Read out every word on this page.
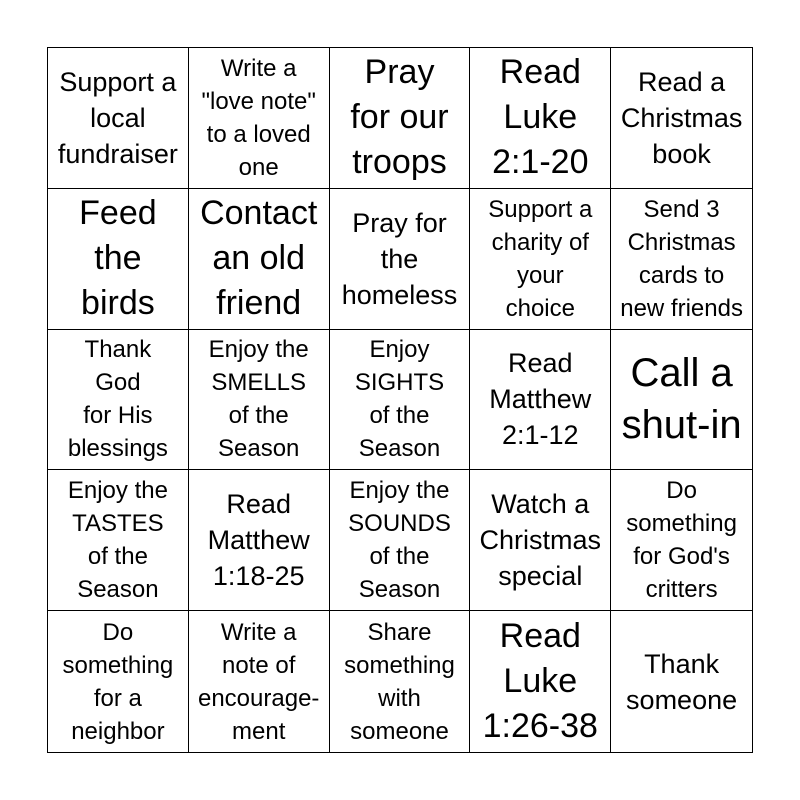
Support a
local
fundraiser
Write a
"love note"
to a loved
one
Pray
for our
troops
Read
Luke
2:1-20
Read a
Christmas
book
Feed
the
birds
Contact
an old
friend
Pray for
the
homeless
Support a
charity of
your
choice
Send 3
Christmas
cards to
new friends
Thank
God
for His
blessings
Enjoy the
SMELLS
of the
Season
Enjoy
SIGHTS
of the
Season
Read
Matthew
2:1-12
Call a
shut-in
Enjoy the
TASTES
of the
Season
Read
Matthew
1:18-25
Enjoy the
SOUNDS
of the
Season
Watch a
Christmas
special
Do
something
for God's
critters
Do
something
for a
neighbor
Write a
note of
encourage-
ment
Share
something
with
someone
Read
Luke
1:26-38
Thank
someone
